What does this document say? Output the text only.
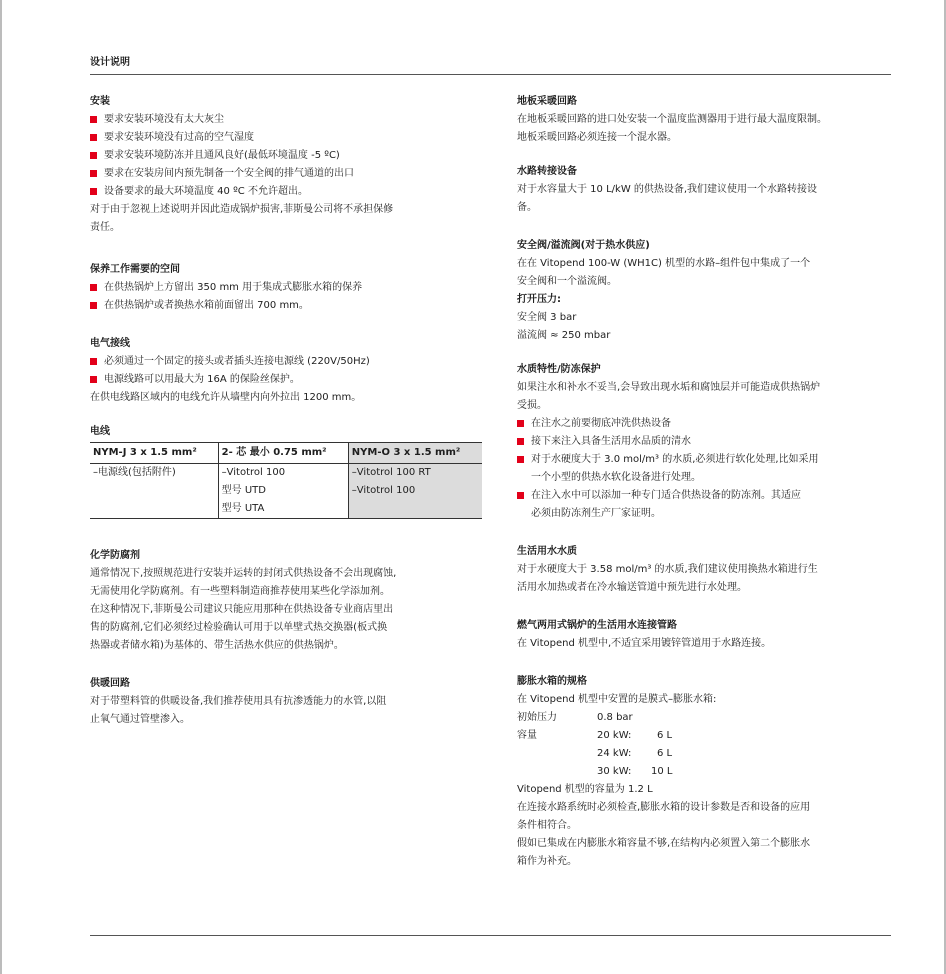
设计说明
安装
要求安装环境没有太大灰尘
要求安装环境没有过高的空气湿度
要求安装环境防冻并且通风良好(最低环境温度 -5 ºC)
要求在安装房间内预先制备一个安全阀的排气通道的出口
设备要求的最大环境温度 40 ºC 不允许超出。

对于由于忽视上述说明并因此造成锅炉损害,菲斯曼公司将不承担保修

责任。

保养工作需要的空间
在供热锅炉上方留出 350 mm 用于集成式膨胀水箱的保养
在供热锅炉或者换热水箱前面留出 700 mm。
电气接线
必须通过一个固定的接头或者插头连接电源线 (220V/50Hz)
电源线路可以用最大为 16A 的保险丝保护。

在供电线路区域内的电线允许从墙壁内向外拉出 1200 mm。

电线
NYM-J 3 x 1.5 mm²	2- 芯 最小 0.75 mm²	NYM-O 3 x 1.5 mm²
–电源线(包括附件)	–Vitotrol 100	–Vitotrol 100 RT
	型号 UTD	–Vitotrol 100
	型号 UTA	
化学防腐剂

通常情况下,按照规范进行安装并运转的封闭式供热设备不会出现腐蚀,

无需使用化学防腐剂。有一些塑料制造商推荐使用某些化学添加剂。

在这种情况下,菲斯曼公司建议只能应用那种在供热设备专业商店里出

售的防腐剂,它们必须经过检验确认可用于以单壁式热交换器(板式换

热器或者储水箱)为基体的、带生活热水供应的供热锅炉。

供暖回路

对于带塑料管的供暖设备,我们推荐使用具有抗渗透能力的水管,以阻

止氧气通过管壁渗入。

地板采暖回路

在地板采暖回路的进口处安装一个温度监测器用于进行最大温度限制。

地板采暖回路必须连接一个混水器。

水路转接设备

对于水容量大于 10 L/kW 的供热设备,我们建议使用一个水路转接设

备。

安全阀/溢流阀(对于热水供应)

在在 Vitopend 100-W (WH1C) 机型的水路–组件包中集成了一个

安全阀和一个溢流阀。

打开压力:

安全阀 3 bar

溢流阀 ≈ 250 mbar

水质特性/防冻保护

如果注水和补水不妥当,会导致出现水垢和腐蚀层并可能造成供热锅炉

受损。

在注水之前要彻底冲洗供热设备
接下来注入具备生活用水品质的清水
对于水硬度大于 3.0 mol/m³ 的水质,必须进行软化处理,比如采用
一个小型的供热水软化设备进行处理。
在注入水中可以添加一种专门适合供热设备的防冻剂。其适应
必须由防冻剂生产厂家证明。
生活用水水质

对于水硬度大于 3.58 mol/m³ 的水质,我们建议使用换热水箱进行生

活用水加热或者在冷水输送管道中预先进行水处理。

燃气两用式锅炉的生活用水连接管路

在 Vitopend 机型中,不适宜采用镀锌管道用于水路连接。

膨胀水箱的规格

在 Vitopend 机型中安置的是膜式–膨胀水箱:

初始压力	0.8 bar
容量	20 kW:	6 L
24 kW:	6 L
30 kW:	10 L

Vitopend 机型的容量为 1.2 L

在连接水路系统时必须检查,膨胀水箱的设计参数是否和设备的应用

条件相符合。

假如已集成在内膨胀水箱容量不够,在结构内必须置入第二个膨胀水

箱作为补充。
